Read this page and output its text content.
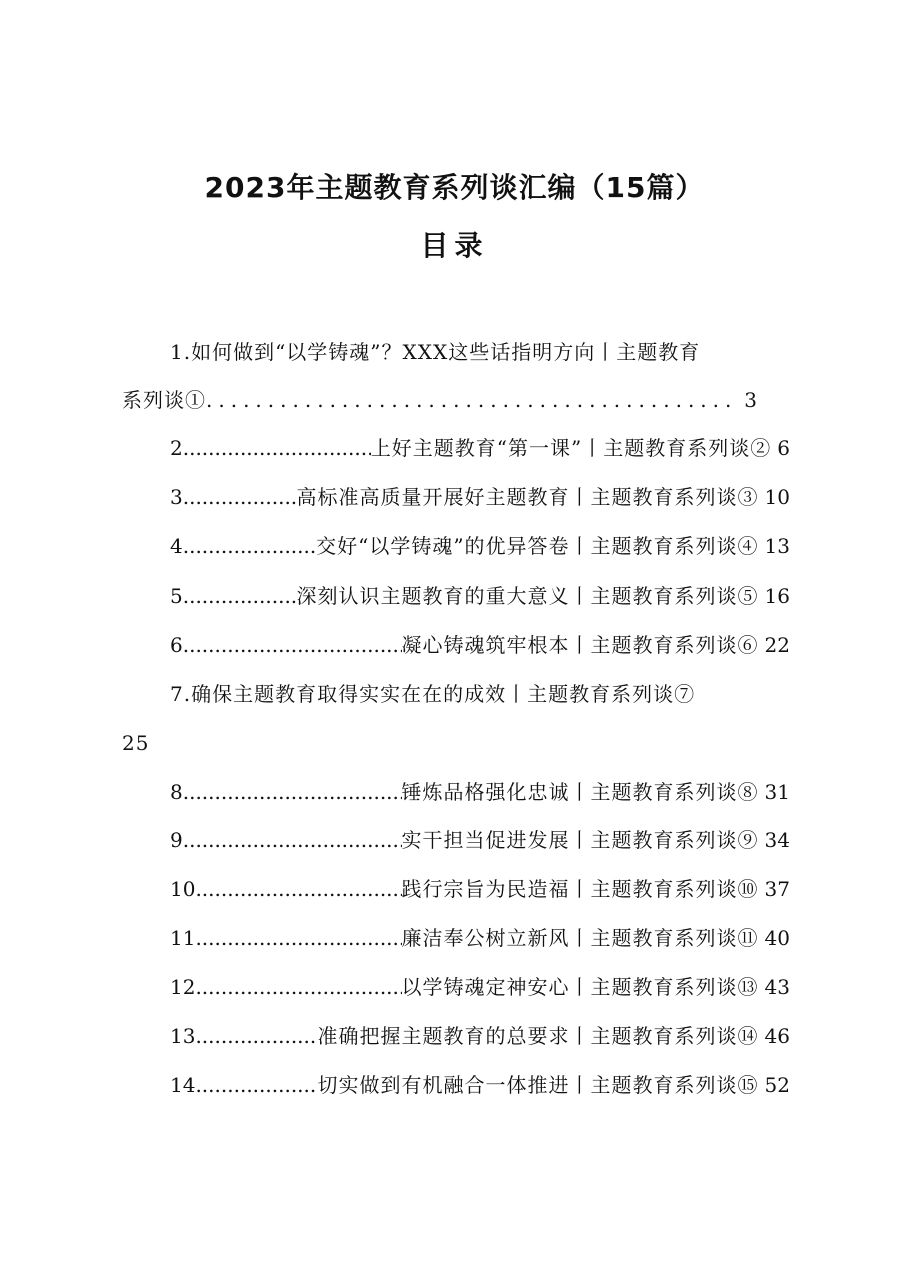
2023年主题教育系列谈汇编（15篇）
目录
1.如何做到“以学铸魂”？XXX这些话指明方向丨主题教育
系列谈① .....	3
2 .....	上好主题教育“第一课”丨主题教育系列谈② 6
3 .....	高标准高质量开展好主题教育丨主题教育系列谈③ 10
4 .....	交好“以学铸魂”的优异答卷丨主题教育系列谈④ 13
5 .....	深刻认识主题教育的重大意义丨主题教育系列谈⑤ 16
6 .....	凝心铸魂筑牢根本丨主题教育系列谈⑥ 22
7.确保主题教育取得实实在在的成效丨主题教育系列谈⑦
25
8 .....	锤炼品格强化忠诚丨主题教育系列谈⑧ 31
9 .....	实干担当促进发展丨主题教育系列谈⑨ 34
10 .....	践行宗旨为民造福丨主题教育系列谈⑩ 37
11 .....	廉洁奉公树立新风丨主题教育系列谈⑪ 40
12 .....	以学铸魂定神安心丨主题教育系列谈⑬ 43
13 .....	准确把握主题教育的总要求丨主题教育系列谈⑭ 46
14 .....	切实做到有机融合一体推进丨主题教育系列谈⑮ 52
